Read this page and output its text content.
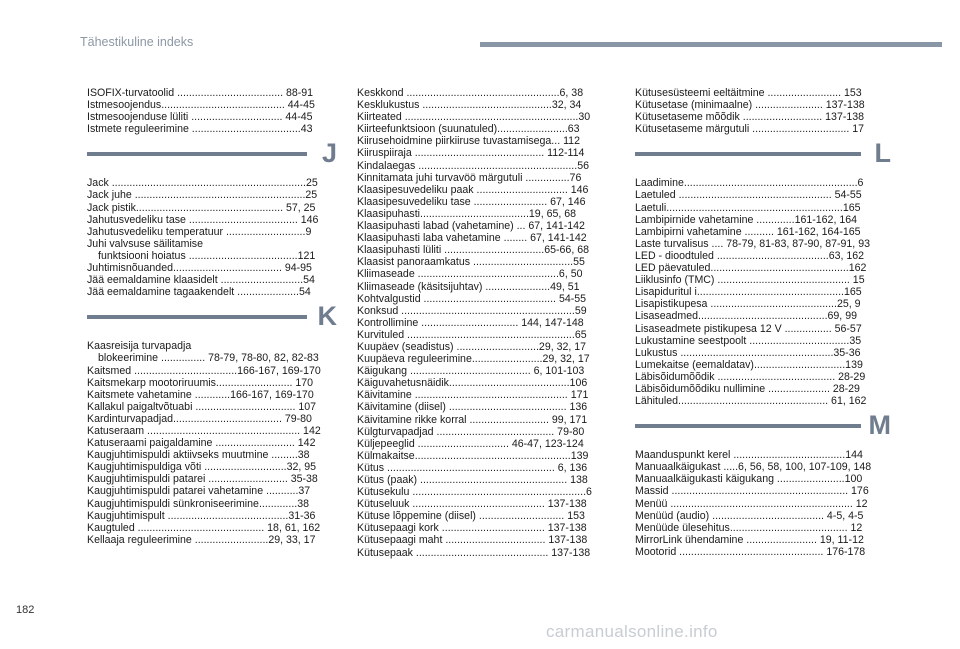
Tähestikuline indeks
ISOFIX-turvatoolid .................................... 88-91
Istmesoojendus.......................................... 44-45
Istmesoojenduse lüliti ............................... 44-45
Istmete reguleerimine .....................................43
J
Jack ..................................................................25
Jack juhe ..........................................................25
Jack pistik.................................................. 57, 25
Jahutusvedeliku tase ..................................... 146
Jahutusvedeliku temperatuur ...........................9
Juhi valvsuse säilitamise
funktsiooni hoiatus .....................................121
Juhtimisnõuanded..................................... 94-95
Jää eemaldamine klaasidelt ............................54
Jää eemaldamine tagaakendelt .....................54
K
Kaasreisija turvapadja
blokeerimine ............... 78-79, 78-80, 82, 82-83
Kaitsmed ...................................166-167, 169-170
Kaitsmekarp mootoriruumis.......................... 170
Kaitsmete vahetamine ............166-167, 169-170
Kallakul paigaltvõtuabi .................................. 107
Kardinturvapadjad..................................... 79-80
Katuseraam .................................................... 142
Katuseraami paigaldamine ........................... 142
Kaugjuhtimispuldi aktiivseks muutmine .........38
Kaugjuhtimispuldiga võti ............................32, 95
Kaugjuhtimispuldi patarei ........................... 35-38
Kaugjuhtimispuldi patarei vahetamine ...........37
Kaugjuhtimispuldi sünkroniseerimine.............38
Kaugjuhtimispult .........................................31-36
Kaugtuled ........................................... 18, 61, 162
Kellaaja reguleerimine .........................29, 33, 17
Keskkond ....................................................6, 38
Kesklukustus ............................................32, 34
Kiirteated ...........................................................30
Kiirteefunktsioon (suunatuled)........................63
Kiirusehoidmine piirkiiruse tuvastamisega... 112
Kiiruspiiraja ............................................ 112-114
Kindalaegas ......................................................56
Kinnitamata juhi turvavöö märgutuli ...............76
Klaasipesuvedeliku paak ............................... 146
Klaasipesuvedeliku tase ......................... 67, 146
Klaasipuhasti.....................................19, 65, 68
Klaasipuhasti labad (vahetamine) ... 67, 141-142
Klaasipuhasti laba vahetamine ........ 67, 141-142
Klaasipuhasti lüliti ..................................65-66, 68
Klaasist panoraamkatus ..................................55
Kliimaseade ................................................6, 50
Kliimaseade (käsitsijuhtav) ......................49, 51
Kohtvalgustid ............................................. 54-55
Konksud ...........................................................59
Kontrollimine ................................. 144, 147-148
Kurvituled .........................................................65
Kuupäev (seadistus) ............................29, 32, 17
Kuupäeva reguleerimine........................29, 32, 17
Käigukang ......................................... 6, 101-103
Käiguvahetusnäidik.........................................106
Käivitamine .................................................... 171
Käivitamine (diisel) ........................................ 136
Käivitamine rikke korral ........................... 99, 171
Külgturvapadjad ........................................ 79-80
Küljepeeglid ............................... 46-47, 123-124
Külmakaitse.....................................................139
Kütus ......................................................... 6, 136
Kütus (paak) .................................................. 138
Kütusekulu ...........................................................6
Kütuseluuk ............................................. 137-138
Kütuse lõppemine (diisel) ............................. 153
Kütusepaagi kork ................................... 137-138
Kütusepaagi maht .................................. 137-138
Kütusepaak ............................................. 137-138
Kütusesüsteemi eeltäitmine ......................... 153
Kütusetase (minimaalne) ....................... 137-138
Kütusetaseme mõõdik ........................... 137-138
Kütusetaseme märgutuli ................................. 17
L
Laadimine...........................................................6
Laetuled .................................................... 54-55
Laetuli............................................................165
Lambipirnide vahetamine .............161-162, 164
Lambipirni vahetamine .......... 161-162, 164-165
Laste turvalisus .... 78-79, 81-83, 87-90, 87-91, 93
LED - dioodtuled ......................................63, 162
LED päevatuled...............................................162
Liiklusinfo (TMC) ............................................. 15
Lisapiduritul i..................................................165
Lisapistikupesa ...........................................25, 9
Lisaseadmed............................................69, 99
Lisaseadmete pistikupesa 12 V ................ 56-57
Lukustamine seestpoolt ..................................35
Lukustus ....................................................35-36
Lumekaitse (eemaldatav)...............................139
Läbisõidumõõdik ........................................ 28-29
Läbisõidumõõdiku nullimine ..................... 28-29
Lähituled................................................... 61, 162
M
Maanduspunkt kerel ......................................144
Manuaalkäigukast .....6, 56, 58, 100, 107-109, 148
Manuaalkäigukasti käigukang .......................100
Massid ............................................................ 176
Menüü .............................................................. 12
Menüüd (audio) ...................................... 4-5, 4-5
Menüüde ülesehitus........................................ 12
MirrorLink ühendamine ........................ 19, 11-12
Mootorid ................................................. 176-178
182
carmanualsonline.info
